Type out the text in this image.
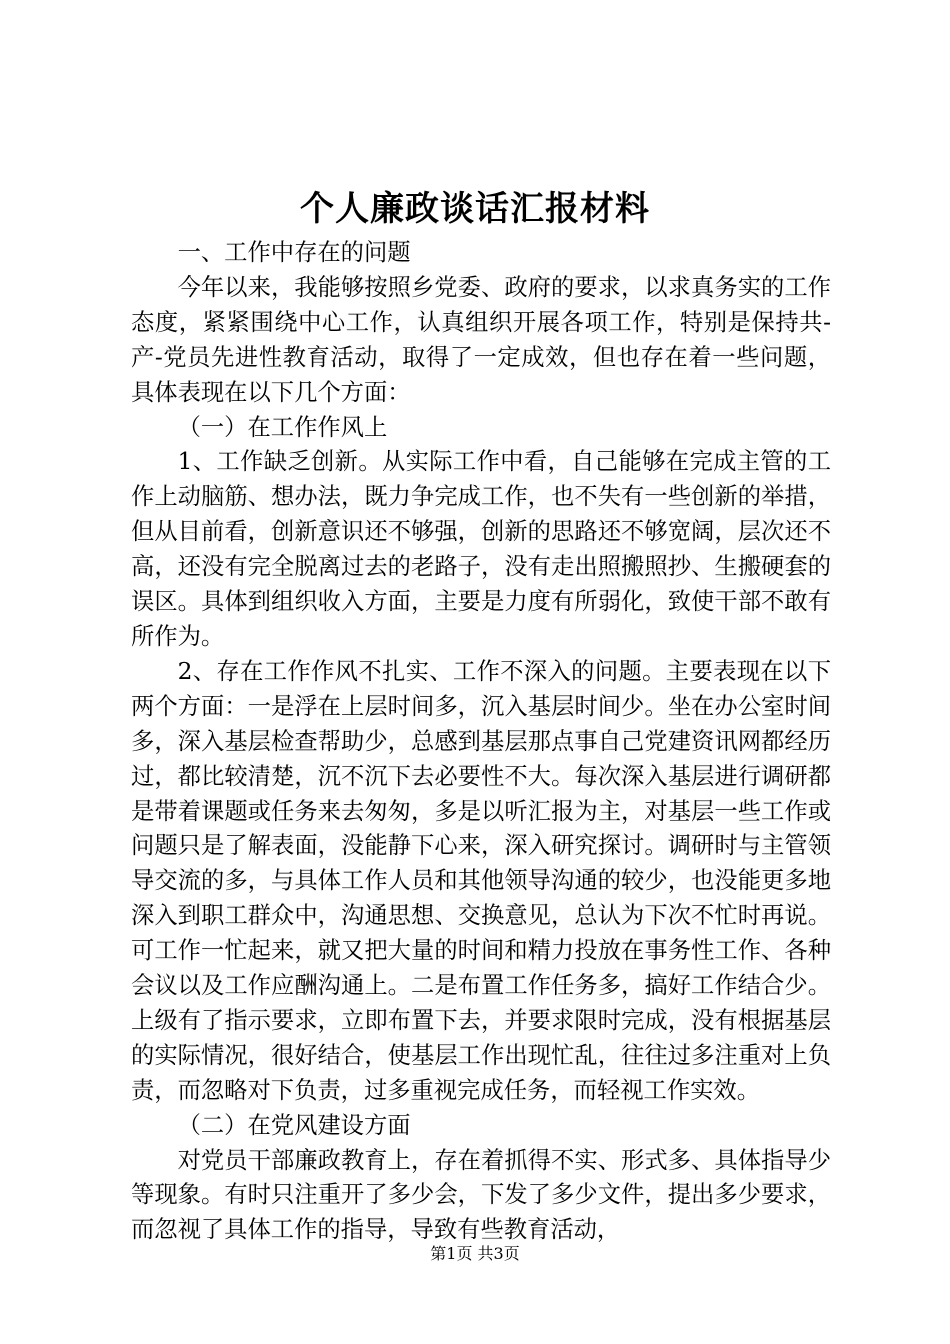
个人廉政谈话汇报材料

一、工作中存在的问题

今年以来，我能够按照乡党委、政府的要求，以求真务实的工作态度，紧紧围绕中心工作，认真组织开展各项工作，特别是保持共-产-党员先进性教育活动，取得了一定成效，但也存在着一些问题，具体表现在以下几个方面：

（一）在工作作风上

1、工作缺乏创新。从实际工作中看，自己能够在完成主管的工作上动脑筋、想办法，既力争完成工作，也不失有一些创新的举措，但从目前看，创新意识还不够强，创新的思路还不够宽阔，层次还不高，还没有完全脱离过去的老路子，没有走出照搬照抄、生搬硬套的误区。具体到组织收入方面，主要是力度有所弱化，致使干部不敢有所作为。

2、存在工作作风不扎实、工作不深入的问题。主要表现在以下两个方面：一是浮在上层时间多，沉入基层时间少。坐在办公室时间多，深入基层检查帮助少，总感到基层那点事自己党建资讯网都经历过，都比较清楚，沉不沉下去必要性不大。每次深入基层进行调研都是带着课题或任务来去匆匆，多是以听汇报为主，对基层一些工作或问题只是了解表面，没能静下心来，深入研究探讨。调研时与主管领导交流的多，与具体工作人员和其他领导沟通的较少，也没能更多地深入到职工群众中，沟通思想、交换意见，总认为下次不忙时再说。可工作一忙起来，就又把大量的时间和精力投放在事务性工作、各种会议以及工作应酬沟通上。二是布置工作任务多，搞好工作结合少。上级有了指示要求，立即布置下去，并要求限时完成，没有根据基层的实际情况，很好结合，使基层工作出现忙乱，往往过多注重对上负责，而忽略对下负责，过多重视完成任务，而轻视工作实效。

（二）在党风建设方面

对党员干部廉政教育上，存在着抓得不实、形式多、具体指导少等现象。有时只注重开了多少会，下发了多少文件，提出多少要求，而忽视了具体工作的指导，导致有些教育活动，

第1页 共3页
